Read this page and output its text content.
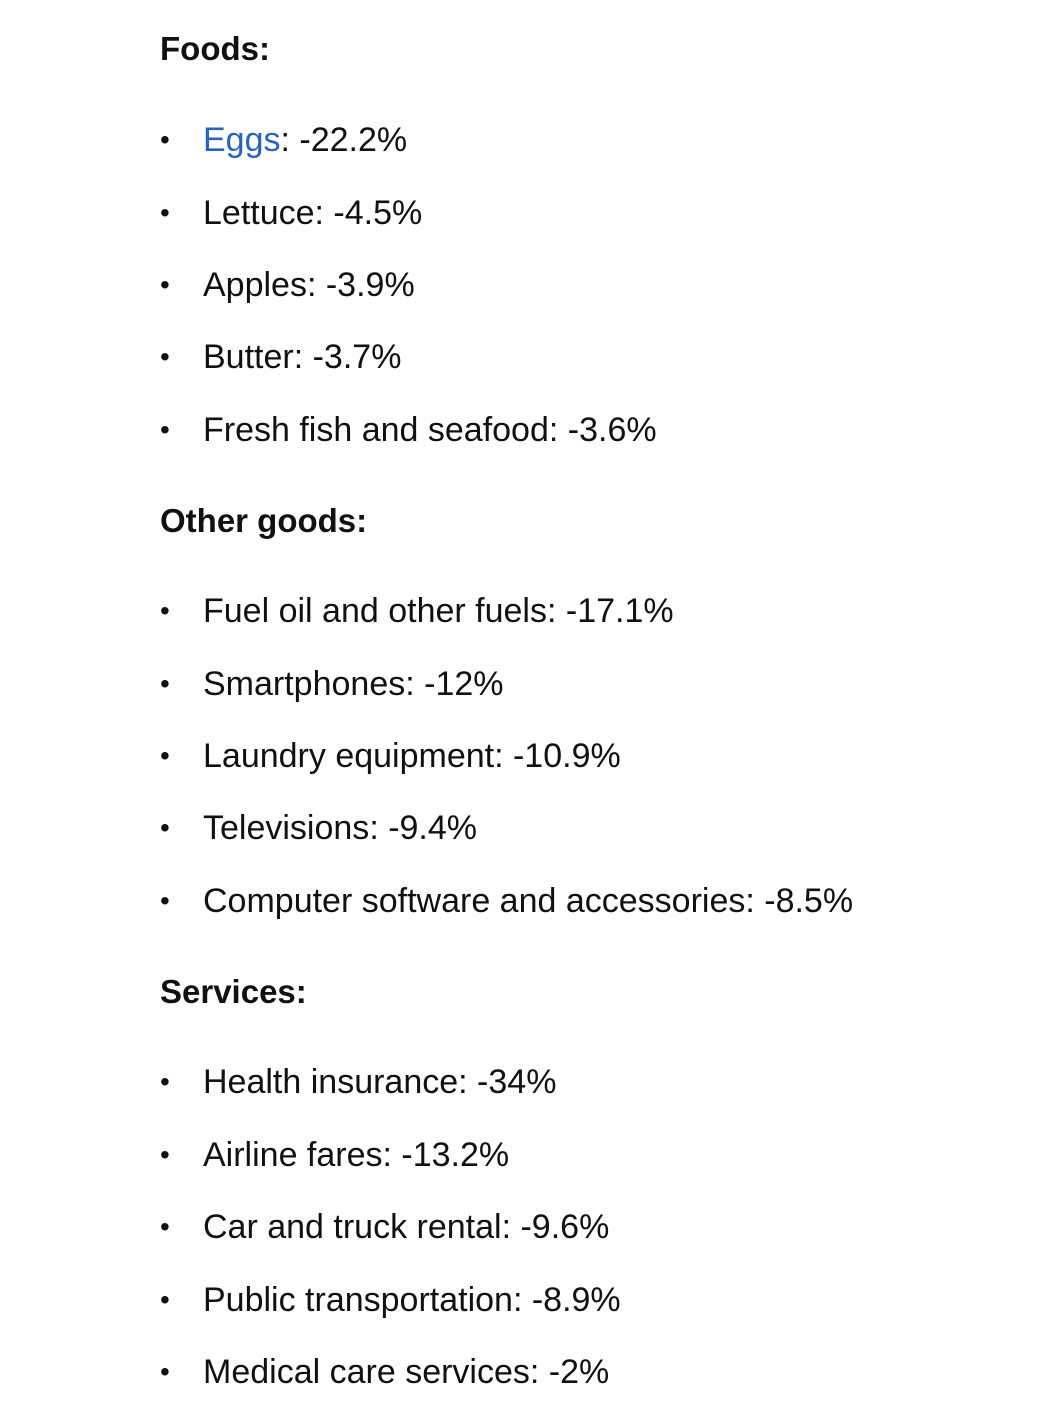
Foods:
• Eggs: -22.2%
• Lettuce: -4.5%
• Apples: -3.9%
• Butter: -3.7%
• Fresh fish and seafood: -3.6%
Other goods:
• Fuel oil and other fuels: -17.1%
• Smartphones: -12%
• Laundry equipment: -10.9%
• Televisions: -9.4%
• Computer software and accessories: -8.5%
Services:
• Health insurance: -34%
• Airline fares: -13.2%
• Car and truck rental: -9.6%
• Public transportation: -8.9%
• Medical care services: -2%
